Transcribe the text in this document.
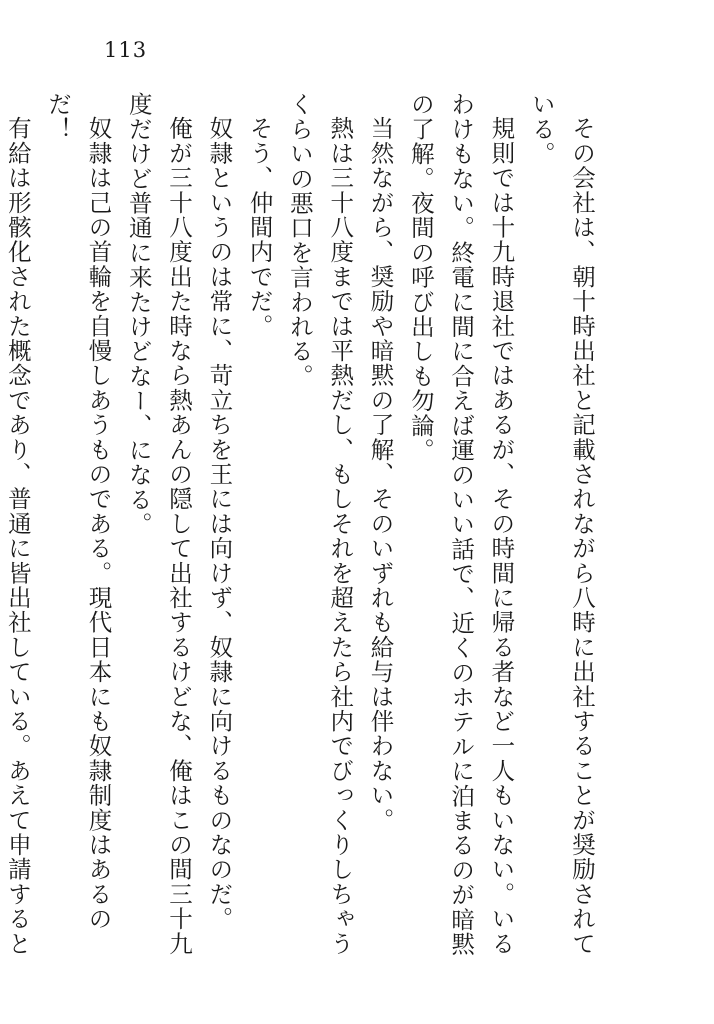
113

その会社は、朝十時出社と記載されながら八時に出社することが奨励されている。

規則では十九時退社ではあるが、その時間に帰る者など一人もいない。いるわけもない。終電に間に合えば運のいい話で、近くのホテルに泊まるのが暗黙の了解。夜間の呼び出しも勿論。

当然ながら、奨励や暗黙の了解、そのいずれも給与は伴わない。

熱は三十八度までは平熱だし、もしそれを超えたら社内でびっくりしちゃうくらいの悪口を言われる。

そう、仲間内でだ。

奴隷というのは常に、苛立ちを王には向けず、奴隷に向けるものなのだ。

俺が三十八度出た時なら熱あんの隠して出社するけどな、俺はこの間三十九度だけど普通に来たけどなー、になる。

奴隷は己の首輪を自慢しあうものである。現代日本にも奴隷制度はあるのだ！

有給は形骸化された概念であり、普通に皆出社している。あえて申請すると
